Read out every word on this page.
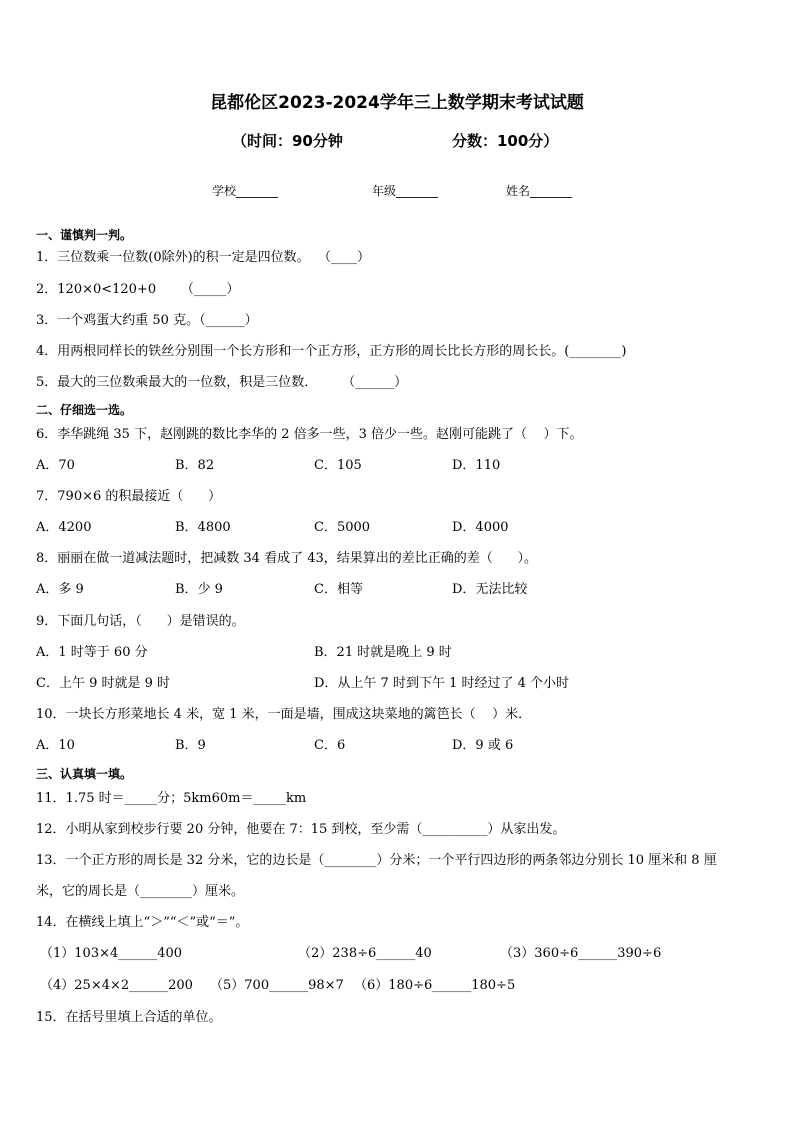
昆都伦区2023-2024学年三上数学期末考试试题
（时间：90分钟	分数：100分）
学校_______	年级_______	姓名_______
一、谨慎判一判。
1．三位数乘一位数(0除外)的积一定是四位数。  （____）
2．120×0<120+0      （_____）
3．一个鸡蛋大约重 50 克。（______）
4．用两根同样长的铁丝分别围一个长方形和一个正方形，正方形的周长比长方形的周长长。(________)
5．最大的三位数乘最大的一位数，积是三位数．      （______）
二、仔细选一选。
6．李华跳绳 35 下，赵刚跳的数比李华的 2 倍多一些，3 倍少一些。赵刚可能跳了（    ）下。
A．70	B．82	C．105	D．110
7．790×6 的积最接近（      ）
A．4200	B．4800	C．5000	D．4000
8．丽丽在做一道减法题时，把减数 34 看成了 43，结果算出的差比正确的差（      ）。
A．多 9	B．少 9	C．相等	D．无法比较
9．下面几句话，（      ）是错误的。
A．1 时等于 60 分	B．21 时就是晚上 9 时
C．上午 9 时就是 9 时	D．从上午 7 时到下午 1 时经过了 4 个小时
10．一块长方形菜地长 4 米，宽 1 米，一面是墙，围成这块菜地的篱笆长（    ）米．
A．10	B．9	C．6	D．9 或 6
三、认真填一填。
11．1.75 时＝_____分；5km60m＝_____km
12．小明从家到校步行要 20 分钟，他要在 7：15 到校，至少需（__________）从家出发。
13．一个正方形的周长是 32 分米，它的边长是（________）分米；一个平行四边形的两条邻边分别长 10 厘米和 8 厘
米，它的周长是（________）厘米。
14．在横线上填上“＞”“＜”或“＝”。
（1）103×4______400	（2）238÷6______40	（3）360÷6______390÷6
（4）25×4×2______200 （5）700______98×7 （6）180÷6______180÷5
15．在括号里填上合适的单位。
